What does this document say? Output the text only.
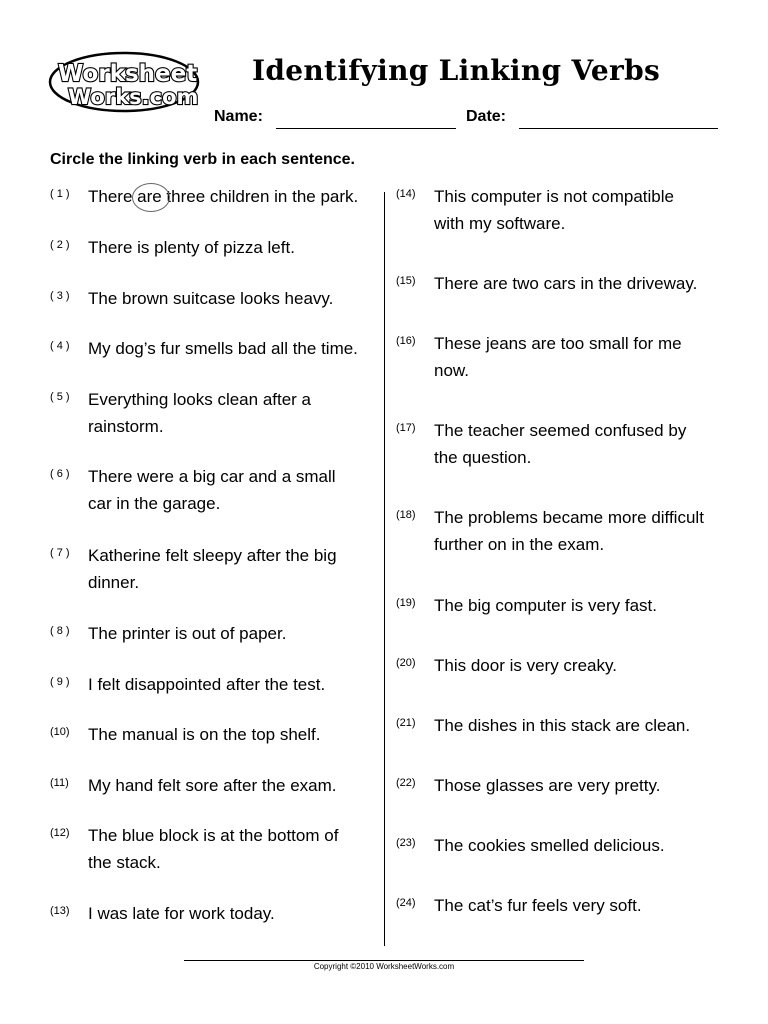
Worksheet
Works.com
Identifying Linking Verbs
Name:	Date:
Circle the linking verb in each sentence.
( 1 ) There are three children in the park.
( 2 ) There is plenty of pizza left.
( 3 ) The brown suitcase looks heavy.
( 4 ) My dog’s fur smells bad all the time.
( 5 ) Everything looks clean after a
rainstorm.
( 6 ) There were a big car and a small
car in the garage.
( 7 ) Katherine felt sleepy after the big
dinner.
( 8 ) The printer is out of paper.
( 9 ) I felt disappointed after the test.
(10) The manual is on the top shelf.
(11) My hand felt sore after the exam.
(12) The blue block is at the bottom of
the stack.
(13) I was late for work today.
(14) This computer is not compatible
with my software.
(15) There are two cars in the driveway.
(16) These jeans are too small for me
now.
(17) The teacher seemed confused by
the question.
(18) The problems became more difficult
further on in the exam.
(19) The big computer is very fast.
(20) This door is very creaky.
(21) The dishes in this stack are clean.
(22) Those glasses are very pretty.
(23) The cookies smelled delicious.
(24) The cat’s fur feels very soft.
Copyright ©2010 WorksheetWorks.com
